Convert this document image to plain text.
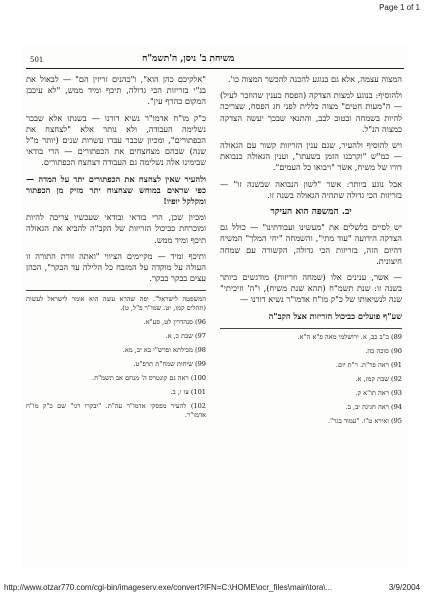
Page 1 of 1
501	משיחת ב' ניסן, ה'תשמ"ח

המצוה עצמה, אלא גם בנוגע להכנה להכשר המצוה כו'.

ולהוסיף: בנוגע למצות הצדקה (הפסח כענין שהוזכר לעיל) — ה"מעות חטים" מצוה כללית לפני חג הפסח, שצריכה להיות בשמחה ובטוב לבב, והתנאי שבכך יעשה הצדקה כמצוה הנ"ל.

ויש להוסיף ולהעיר, שגם ענין הזריזות קשור עם הגאולה — כמ"ש "וקרבנו הזמן בשעתו", וענין הגאולה כנבואת דורו של משיח, אשר "ויבואו כל העמים".

אבל נוגע ביותר: אשר "לשון הנבואה שבשנה זו" — בזריזות הכי גדולה שתהיה הגאולה בשנה זו.

יב. המשפה הוא העיקר

יש לסיים בלשלים את "מעשינו ועבודתינו" — כולל גם הצדקה הידועה "עוד מתי", והשמחה "יחי המלך" המשיח דהיום הזה, בזריזות הכי גדולה, הקשורה עם שמחה חיצונית.

— אשר, ענינים אלו (שמחה וזריזות) מודגשים ביותר בשנה זו: שנת תשמ"ח (תהא שנת משיח), ו"ה' וזיכיתי" שנה לנשיאותו של כ"ק מו"ח אדמו"ר נשיא דורנו —

שע"ף פועלים כביכול הזריזות אצל הקב"ה

89) ב"ב כב, א. ירושלמי מאה פ"א ה"א.

90) סוכה כה.

91) ראה פר"ת. ר"ת יום.

92) שבת קמז, א.

93) ראה תו"א ק.

94) ראה חגיגה יב, ב.

95) ואירא ט"ו. "עמוד בגר".

"אלקיכם כהן הוא", ו"כהנים זריזין הם" — לבאול את בנ"י בזריזות הכי גדולה, תיכף ומיד ממש, "לא עיכבן המקום כהרף עין".

כ"ק מו"ח אדמו"ר נשיא דורנו — בשנתו אלא שבכר נשלימה העבודה, ולא נותר אלא "לצחצח את הכפתורים", ומכיון שכבר עברו עשרות שנים (יותר מ"ל שנה) שבהם מצחצחים את הכפתורים — הרי בודאי שבימינו אלה נשלימה גם העבודה דצחצח הכפתורים.

ולהעיר שאין לצחצח את הכפתורים יתר על המדה — כפי שראים במוחש שצחצוח יתר מזיק מן הכפתור ומקלקל יופיו!

ומכיון שכן, הרי בודאי ובודאי שעכשיו צריכה להיות ומוכרחת כביכול הזריזות של הקב"ה להביא את הגאולה תיכף ומיד ממש.

ותיכף ומיד — מקיימים הציווי "ואתה זורת התורה זו העולה על מוקדה על המזבח כל הלילה עד הבקר", הכהן עצים בבקר בבקר.

המשפטה לישראל". יפה שהרא עשה הוא אומר לישראל לעשות (תהלים קמז, יט. שמו"ר פ"ל, ט).

96) סנהדרין לט, סע"א.

97) שבת כ, א.

98) מכילתא ופרש"י בא יב, מא.

99) שיחות שמח"ת תרפ"ט.

100) ראה גם קונטרס ה' מנחם אב תשמ"ח.

101) צו ו, ב.

102) להעיר מפסקי אדמו"ר עה"ת. "יבקרו רגו" שם כ"ק מו"ח אדמו"ר.

http://www.otzar770.com/cgi-bin/imageserv.exe/convert?IFN=C:\HOME\ocr_files\main\tora\...	3/9/2004
